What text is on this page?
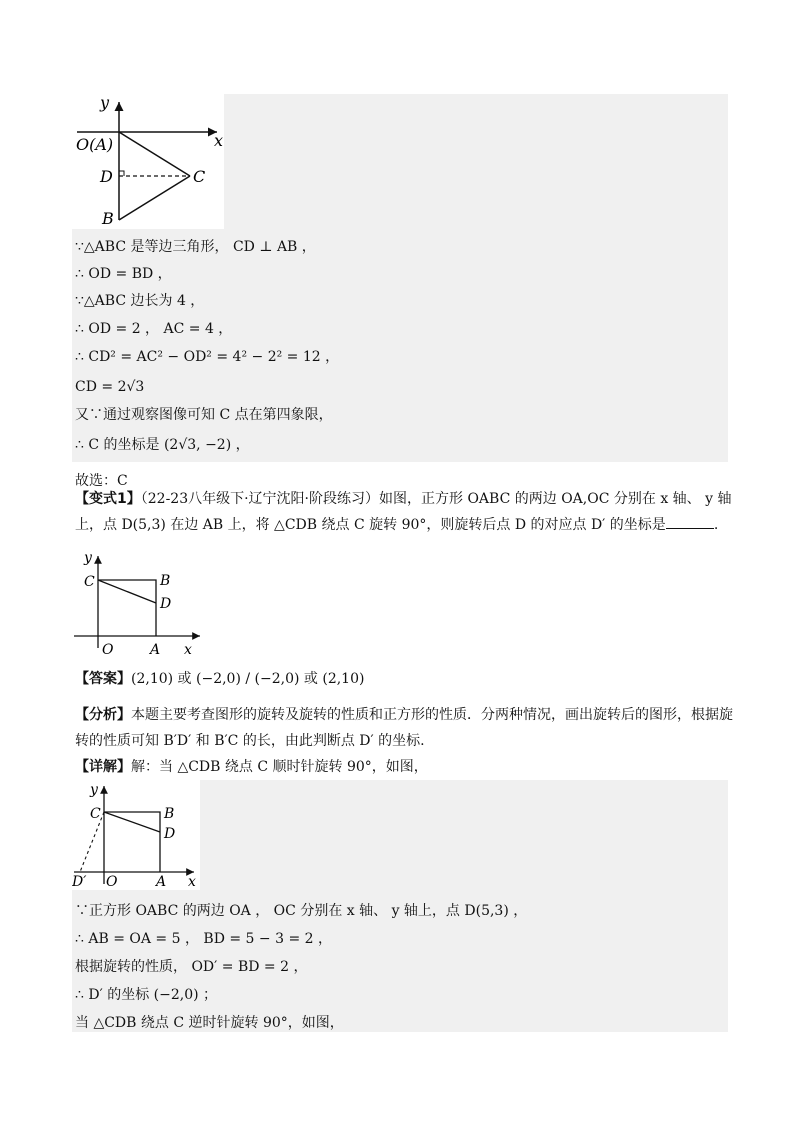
y
x
O(A)
D	C
B
∵△ABC 是等边三角形， CD ⊥ AB ，
∴ OD = BD ，
∵△ABC 边长为 4 ，
∴ OD = 2 ， AC = 4 ，
∴ CD² = AC² − OD² = 4² − 2² = 12 ，
CD = 2√3
又∵通过观察图像可知 C 点在第四象限，
∴ C 的坐标是 (2√3, −2) ，
故选：C
【变式1】（22-23八年级下·辽宁沈阳·阶段练习）如图，正方形 OABC 的两边 OA,OC 分别在 x 轴、 y 轴上，点 D(5,3) 在边 AB 上，将 △CDB 绕点 C 旋转 90°，则旋转后点 D 的对应点 D′ 的坐标是	.
y
x
C	B
D
O	A
【答案】(2,10) 或 (−2,0) / (−2,0) 或 (2,10)
【分析】本题主要考查图形的旋转及旋转的性质和正方形的性质．分两种情况，画出旋转后的图形，根据旋转的性质可知 B′D′ 和 B′C 的长，由此判断点 D′ 的坐标.
【详解】解：当 △CDB 绕点 C 顺时针旋转 90°，如图，
y
x
C	B
D
D′ O	A
∵正方形 OABC 的两边 OA ， OC 分别在 x 轴、 y 轴上，点 D(5,3) ，
∴ AB = OA = 5 ， BD = 5 − 3 = 2 ，
根据旋转的性质， OD′ = BD = 2 ，
∴ D′ 的坐标 (−2,0) ；
当 △CDB 绕点 C 逆时针旋转 90°，如图，
